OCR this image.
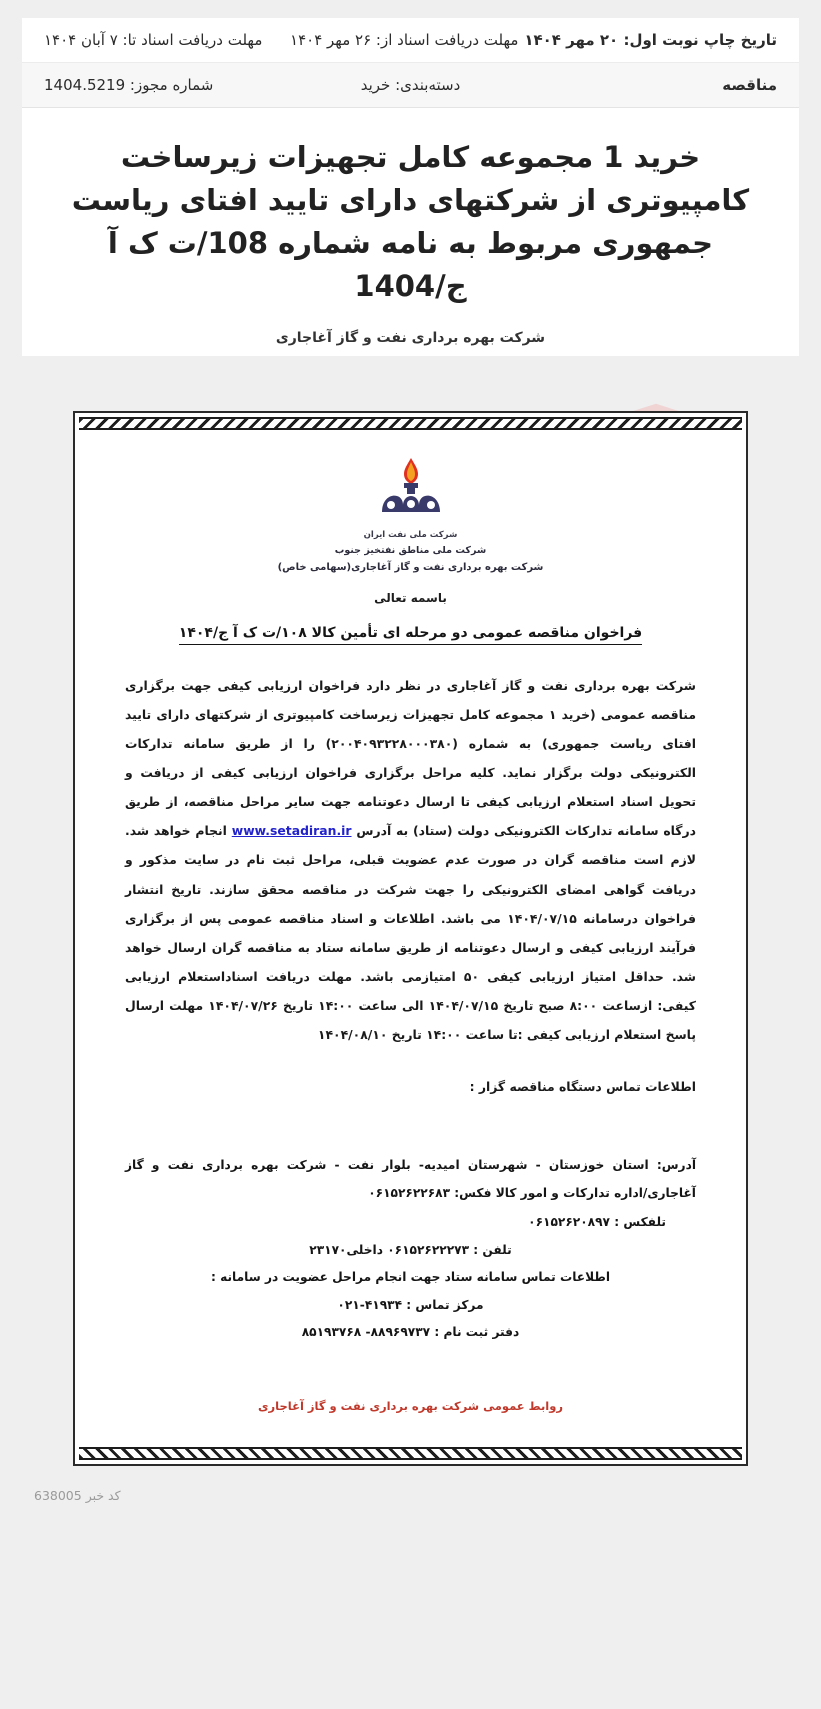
تاریخ چاپ نوبت اول: ۲۰ مهر ۱۴۰۴
مهلت دریافت اسناد از: ۲۶ مهر ۱۴۰۴
مهلت دریافت اسناد تا: ۷ آبان ۱۴۰۴
مناقصه
دسته‌بندی: خرید
شماره مجوز: 1404.5219
خرید 1 مجموعه کامل تجهیزات زیرساخت کامپیوتری از شرکتهای دارای تایید افتای ریاست جمهوری مربوط به نامه شماره 108/ت ک آ ج/1404
شرکت بهره برداری نفت و گاز آغاجاری
شرکت ملی نفت ایران
شرکت ملی مناطق نفتخیز جنوب
شرکت بهره برداری نفت و گاز آغاجاری(سهامی خاص)
باسمه تعالی
فراخوان مناقصه عمومی دو مرحله ای تأمین کالا ۱۰۸/ت ک آ ج/۱۴۰۴
شرکت بهره برداری نفت و گاز آغاجاری در نظر دارد فراخوان ارزیابی کیفی جهت برگزاری مناقصه عمومی (خرید ۱ مجموعه کامل تجهیزات زیرساخت کامپیوتری از شرکتهای دارای تایید افتای ریاست جمهوری) به شماره (۲۰۰۴۰۹۳۲۲۸۰۰۰۳۸۰) را از طریق سامانه تدارکات الکترونیکی دولت برگزار نماید. کلیه مراحل برگزاری فراخوان ارزیابی کیفی از دریافت و تحویل اسناد استعلام ارزیابی کیفی تا ارسال دعوتنامه جهت سایر مراحل مناقصه، از طریق درگاه سامانه تدارکات الکترونیکی دولت (ستاد) به آدرس www.setadiran.ir انجام خواهد شد. لازم است مناقصه گران در صورت عدم عضویت قبلی، مراحل ثبت نام در سایت مذکور و دریافت گواهی امضای الکترونیکی را جهت شرکت در مناقصه محقق سازند. تاریخ انتشار فراخوان درسامانه ۱۴۰۴/۰۷/۱۵ می باشد. اطلاعات و اسناد مناقصه عمومی پس از برگزاری فرآیند ارزیابی کیفی و ارسال دعوتنامه از طریق سامانه ستاد به مناقصه گران ارسال خواهد شد. حداقل امتیاز ارزیابی کیفی ۵۰ امتیازمی باشد. مهلت دریافت اسناداستعلام ارزیابی کیفی: ازساعت ۸:۰۰ صبح تاریخ ۱۴۰۴/۰۷/۱۵ الی ساعت ۱۴:۰۰ تاریخ ۱۴۰۴/۰۷/۲۶ مهلت ارسال پاسخ استعلام ارزیابی کیفی :تا ساعت ۱۴:۰۰ تاریخ ۱۴۰۴/۰۸/۱۰
اطلاعات تماس دستگاه مناقصه گزار :
آدرس: استان خوزستان - شهرستان امیدیه- بلوار نفت - شرکت بهره برداری نفت و گاز آغاجاری/اداره تدارکات و امور کالا فکس: ۰۶۱۵۲۶۲۲۶۸۳
تلفکس : ۰۶۱۵۲۶۲۰۸۹۷
تلفن : ۰۶۱۵۲۶۲۲۲۷۳ داخلی۲۳۱۷۰
اطلاعات تماس سامانه ستاد جهت انجام مراحل عضویت در سامانه :
مرکز تماس : ۴۱۹۳۴-۰۲۱
دفتر ثبت نام : ۸۸۹۶۹۷۳۷- ۸۵۱۹۳۷۶۸
روابط عمومی شرکت بهره برداری نفت و گاز آغاجاری
کد خبر 638005
